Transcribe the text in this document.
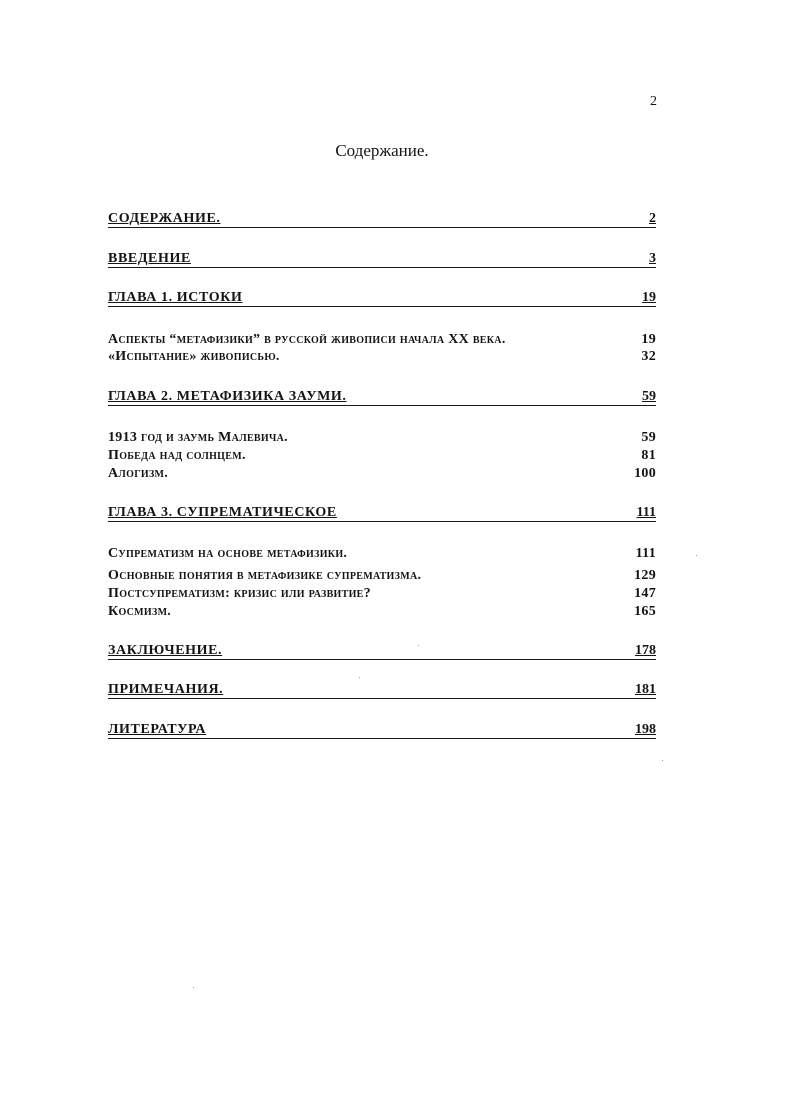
2
Содержание.
СОДЕРЖАНИЕ.	2
ВВЕДЕНИЕ	3
ГЛАВА 1. ИСТОКИ	19
Аспекты “метафизики” в русской живописи начала XX века.	19
«Испытание» живописью.	32
ГЛАВА 2. МЕТАФИЗИКА ЗАУМИ.	59
1913 год и заумь Малевича.	59
Победа над солнцем.	81
Алогизм.	100
ГЛАВА 3. СУПРЕМАТИЧЕСКОЕ	111
Супрематизм на основе метафизики.	111
Основные понятия в метафизике супрематизма.	129
Постсупрематизм: кризис или развитие?	147
Космизм.	165
ЗАКЛЮЧЕНИЕ.	178
ПРИМЕЧАНИЯ.	181
ЛИТЕРАТУРА	198
